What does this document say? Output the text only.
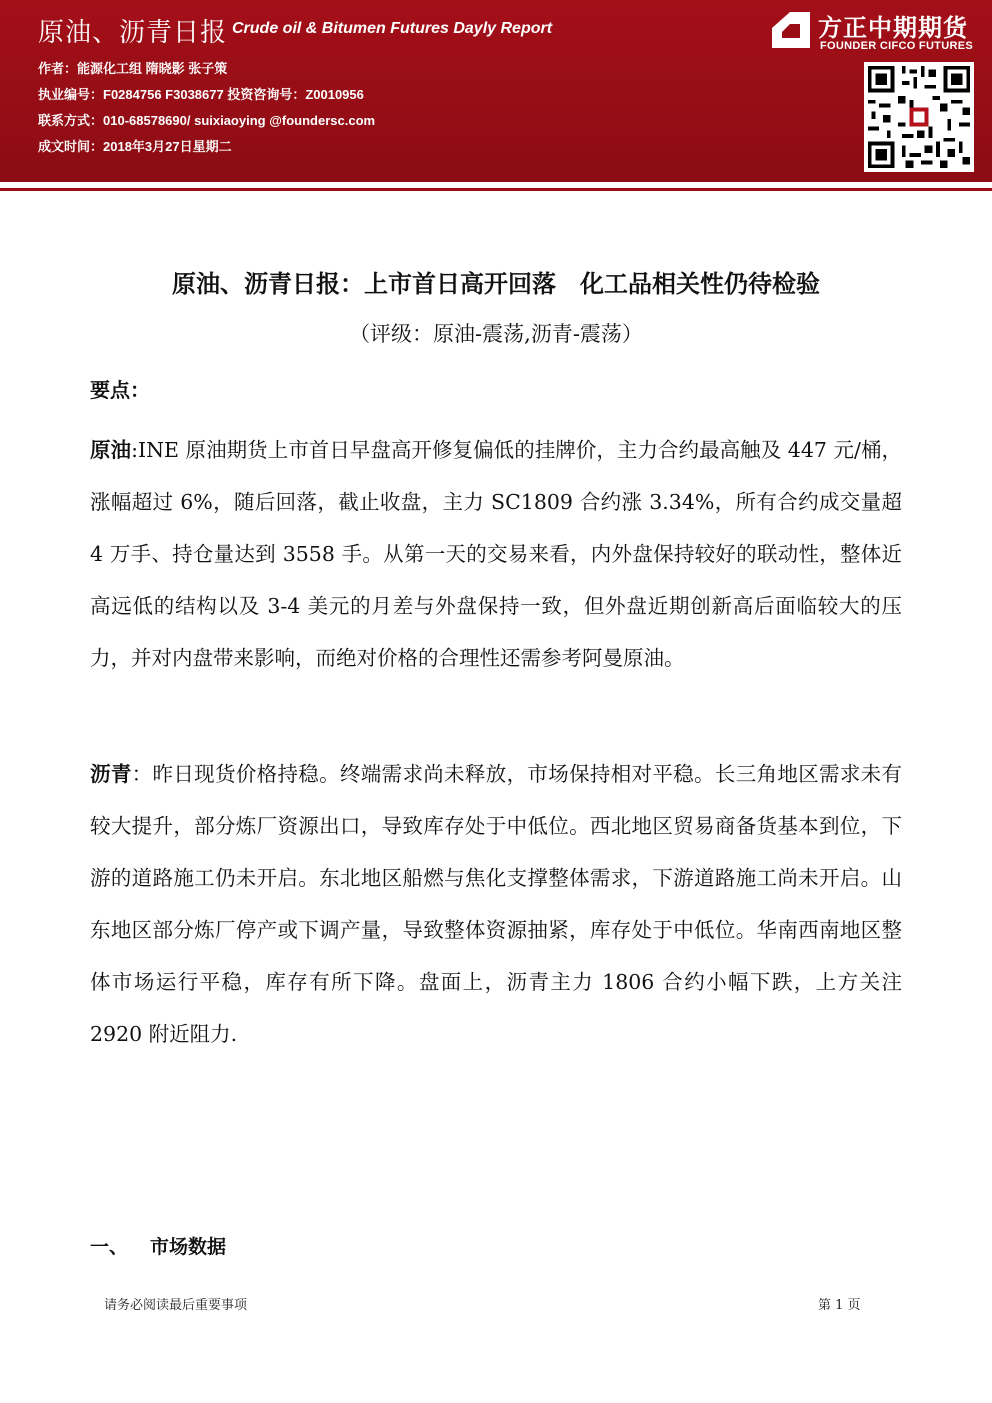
原油、沥青日报 Crude oil & Bitumen Futures Dayly Report
作者：能源化工组 隋晓影 张子策
执业编号：F0284756 F3038677 投资咨询号：Z0010956
联系方式：010-68578690/ suixiaoying @foundersc.com
成文时间：2018年3月27日星期二
方正中期期货
FOUNDER CIFCO FUTURES
原油、沥青日报：上市首日高开回落　化工品相关性仍待检验
（评级：原油-震荡,沥青-震荡）
要点：
原油:INE 原油期货上市首日早盘高开修复偏低的挂牌价，主力合约最高触及 447 元/桶，涨幅超过 6%，随后回落，截止收盘，主力 SC1809 合约涨 3.34%，所有合约成交量超 4 万手、持仓量达到 3558 手。从第一天的交易来看，内外盘保持较好的联动性，整体近高远低的结构以及 3-4 美元的月差与外盘保持一致，但外盘近期创新高后面临较大的压力，并对内盘带来影响，而绝对价格的合理性还需参考阿曼原油。
沥青：昨日现货价格持稳。终端需求尚未释放，市场保持相对平稳。长三角地区需求未有较大提升，部分炼厂资源出口，导致库存处于中低位。西北地区贸易商备货基本到位，下游的道路施工仍未开启。东北地区船燃与焦化支撑整体需求，下游道路施工尚未开启。山东地区部分炼厂停产或下调产量，导致整体资源抽紧，库存处于中低位。华南西南地区整体市场运行平稳，库存有所下降。盘面上，沥青主力 1806 合约小幅下跌，上方关注 2920 附近阻力.
一、 市场数据
请务必阅读最后重要事项	第 1 页
